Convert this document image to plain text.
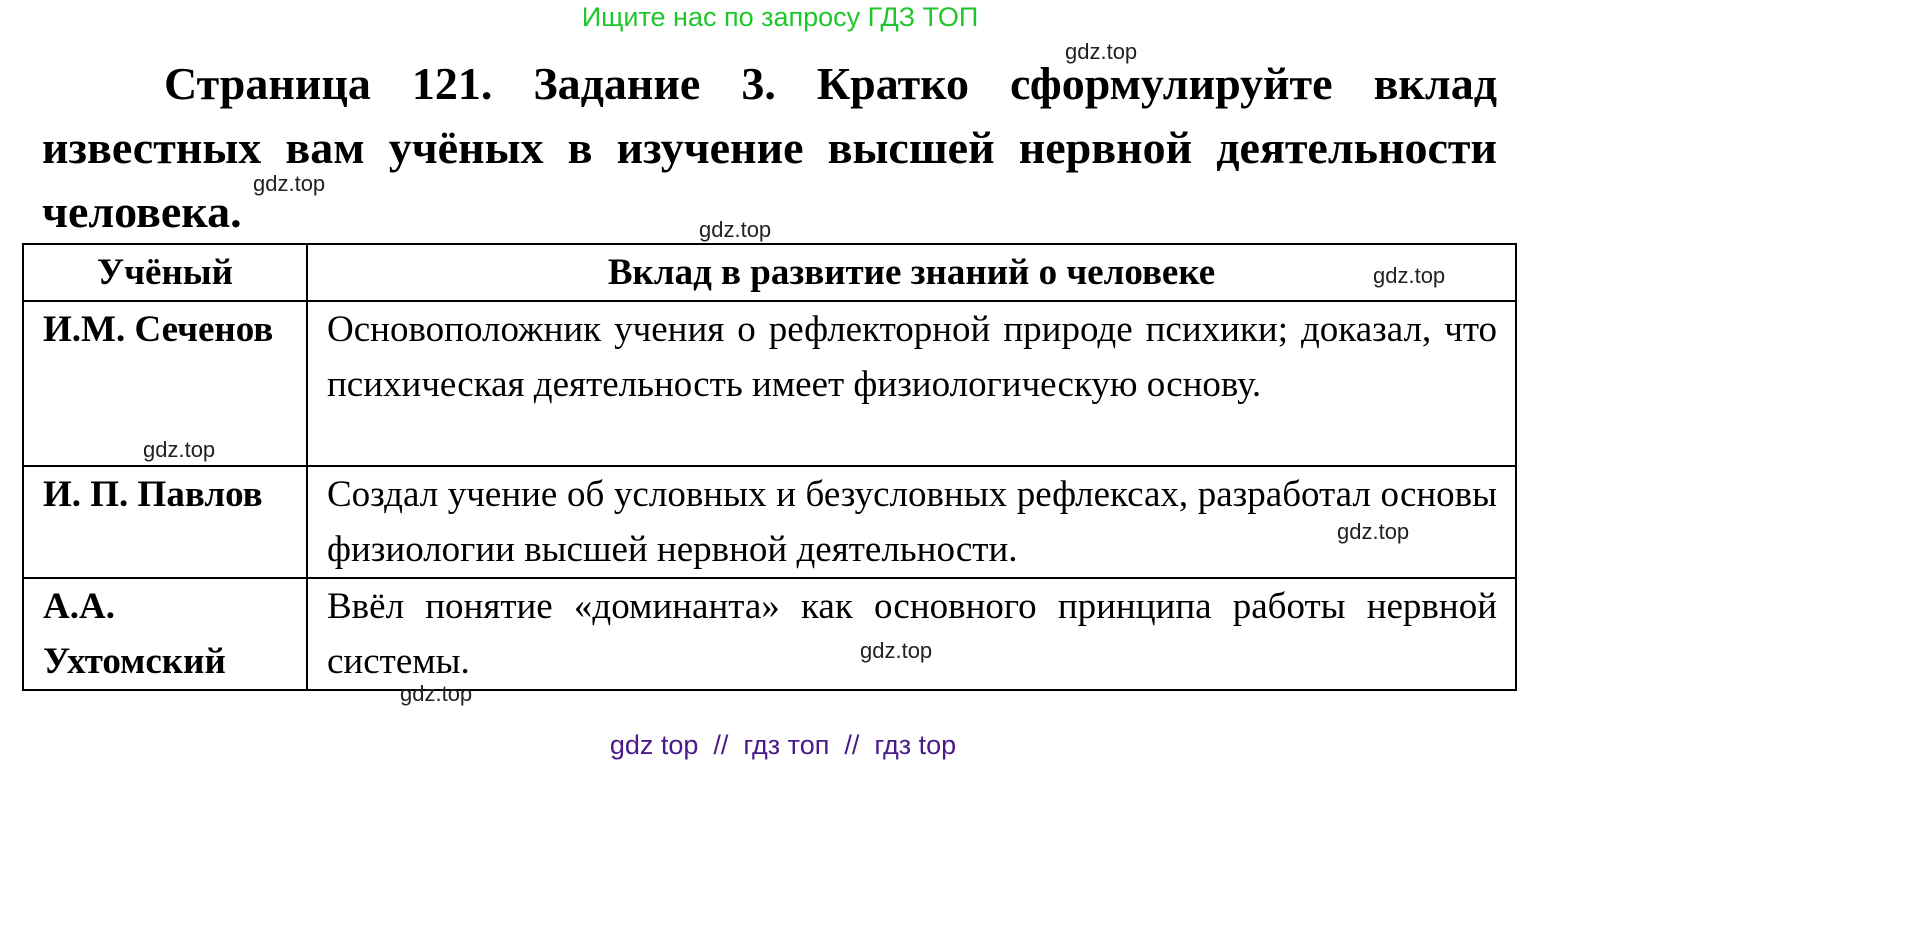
Ищите нас по запросу ГДЗ ТОП
gdz.top

Страница 121. Задание 3. Кратко сформулируйте вклад известных вам учёных в изучение высшей нервной деятельности человека.

gdz.top
gdz.top
Учёный	Вклад в развитие знаний о человеке
И.М. Сеченов	Основоположник учения о рефлекторной природе психики; доказал, что психическая деятельность имеет физиологическую основу.
И. П. Павлов	Создал учение об условных и безусловных рефлексах, разработал основы физиологии высшей нервной деятельности.
А.А. Ухтомский	Ввёл понятие «доминанта» как основного принципа работы нервной системы.
gdz.top
gdz.top
gdz.top
gdz.top
gdz.top
gdz top  //  гдз топ  //  гдз top
